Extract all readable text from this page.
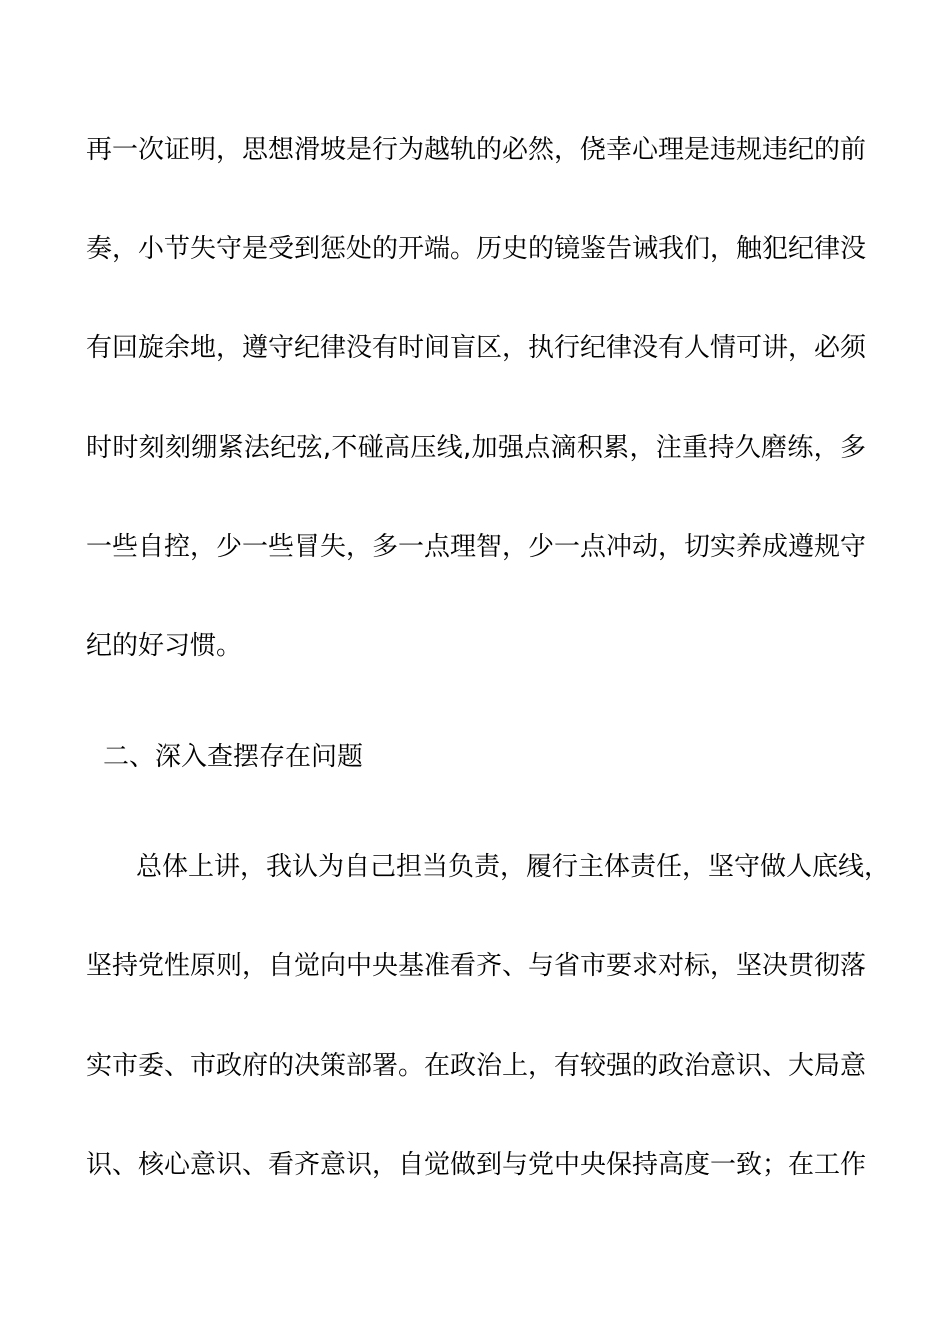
再一次证明，思想滑坡是行为越轨的必然，侥幸心理是违规违纪的前
奏，小节失守是受到惩处的开端。历史的镜鉴告诫我们，触犯纪律没
有回旋余地，遵守纪律没有时间盲区，执行纪律没有人情可讲，必须
时时刻刻绷紧法纪弦,不碰高压线,加强点滴积累，注重持久磨练，多
一些自控，少一些冒失，多一点理智，少一点冲动，切实养成遵规守
纪的好习惯。
二、深入查摆存在问题
总体上讲，我认为自己担当负责，履行主体责任，坚守做人底线，
坚持党性原则，自觉向中央基准看齐、与省市要求对标，坚决贯彻落
实市委、市政府的决策部署。在政治上，有较强的政治意识、大局意
识、核心意识、看齐意识，自觉做到与党中央保持高度一致；在工作
